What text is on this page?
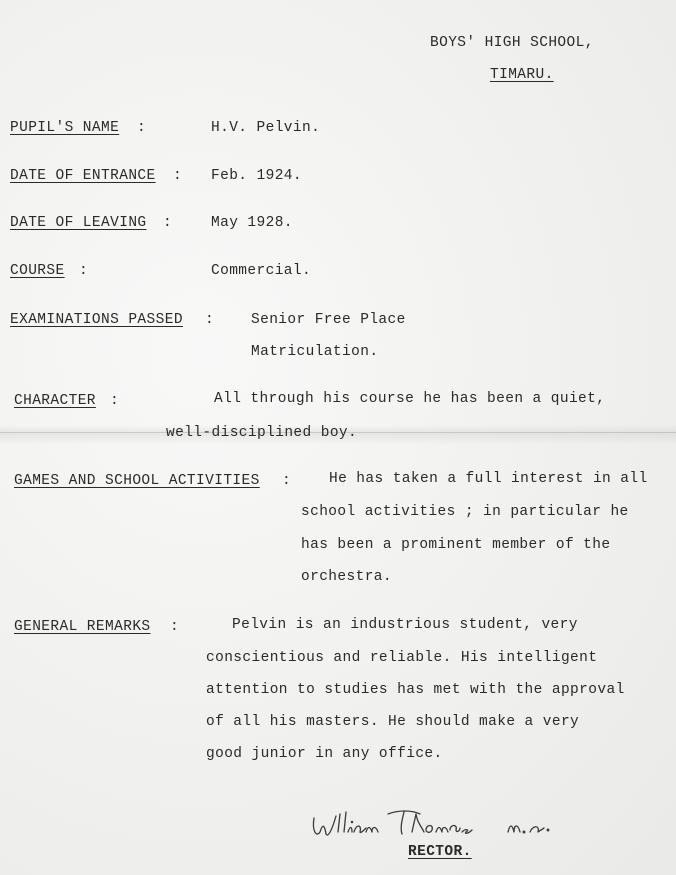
BOYS' HIGH SCHOOL,
TIMARU.
PUPIL'S NAME :	H.V. Pelvin.
DATE OF ENTRANCE : Feb. 1924.
DATE OF LEAVING :	May 1928.
COURSE :	Commercial.
EXAMINATIONS PASSED :	Senior Free Place
Matriculation.
CHARACTER :	All through his course he has been a quiet,
well-disciplined boy.
GAMES AND SCHOOL ACTIVITIES :	He has taken a full interest in all
school activities ; in particular he
has been a prominent member of the
orchestra.
GENERAL REMARKS :	Pelvin is an industrious student, very
conscientious and reliable. His intelligent
attention to studies has met with the approval
of all his masters. He should make a very
good junior in any office.
RECTOR.
